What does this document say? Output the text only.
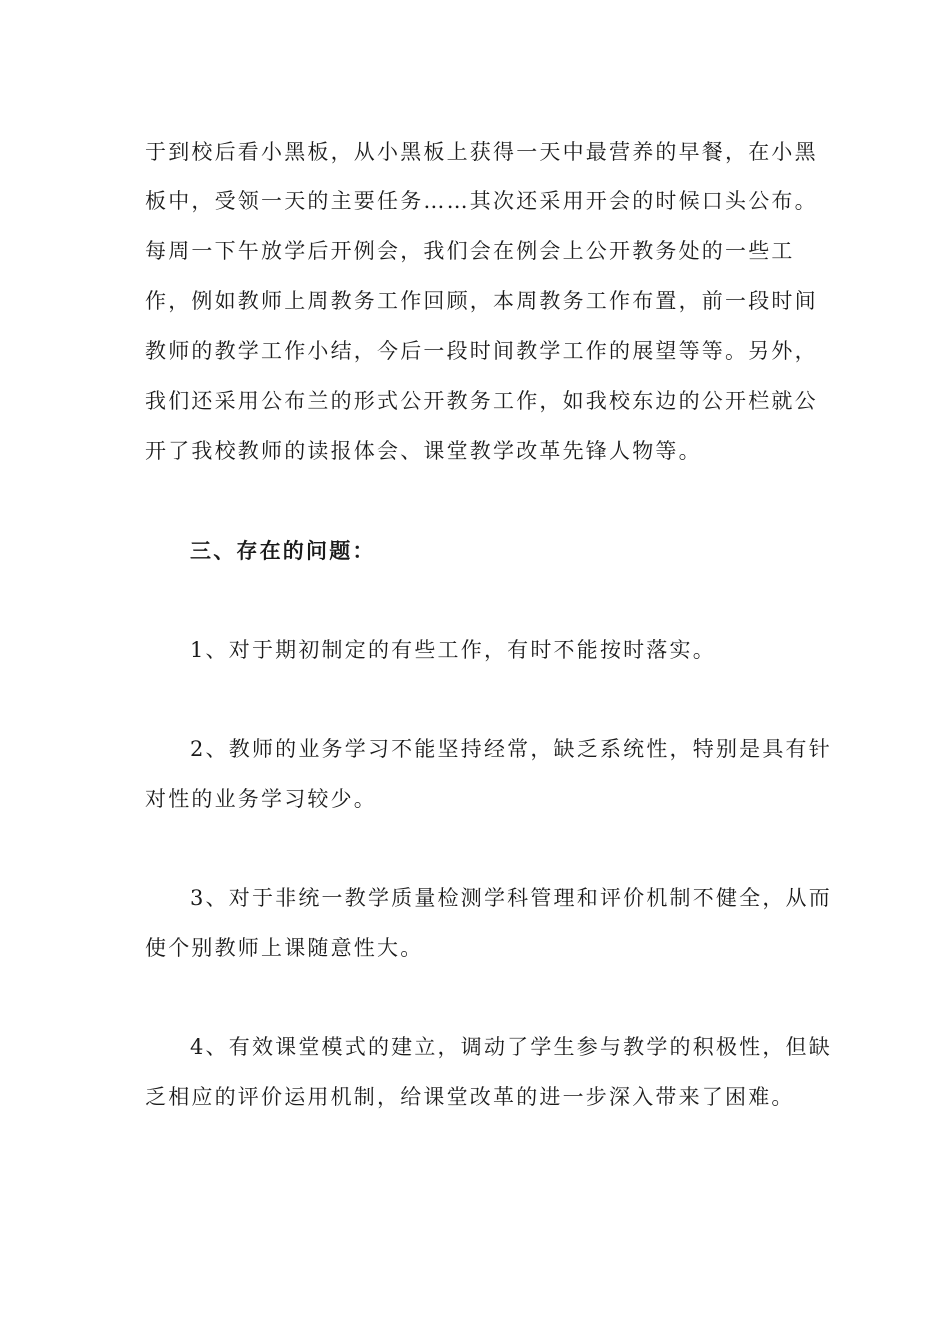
于到校后看小黑板，从小黑板上获得一天中最营养的早餐，在小黑
板中，受领一天的主要任务……其次还采用开会的时候口头公布。
每周一下午放学后开例会，我们会在例会上公开教务处的一些工
作，例如教师上周教务工作回顾，本周教务工作布置，前一段时间
教师的教学工作小结，今后一段时间教学工作的展望等等。另外，
我们还采用公布兰的形式公开教务工作，如我校东边的公开栏就公
开了我校教师的读报体会、课堂教学改革先锋人物等。
三、存在的问题：
1、对于期初制定的有些工作，有时不能按时落实。
2、教师的业务学习不能坚持经常，缺乏系统性，特别是具有针
对性的业务学习较少。
3、对于非统一教学质量检测学科管理和评价机制不健全，从而
使个别教师上课随意性大。
4、有效课堂模式的建立，调动了学生参与教学的积极性，但缺
乏相应的评价运用机制，给课堂改革的进一步深入带来了困难。
